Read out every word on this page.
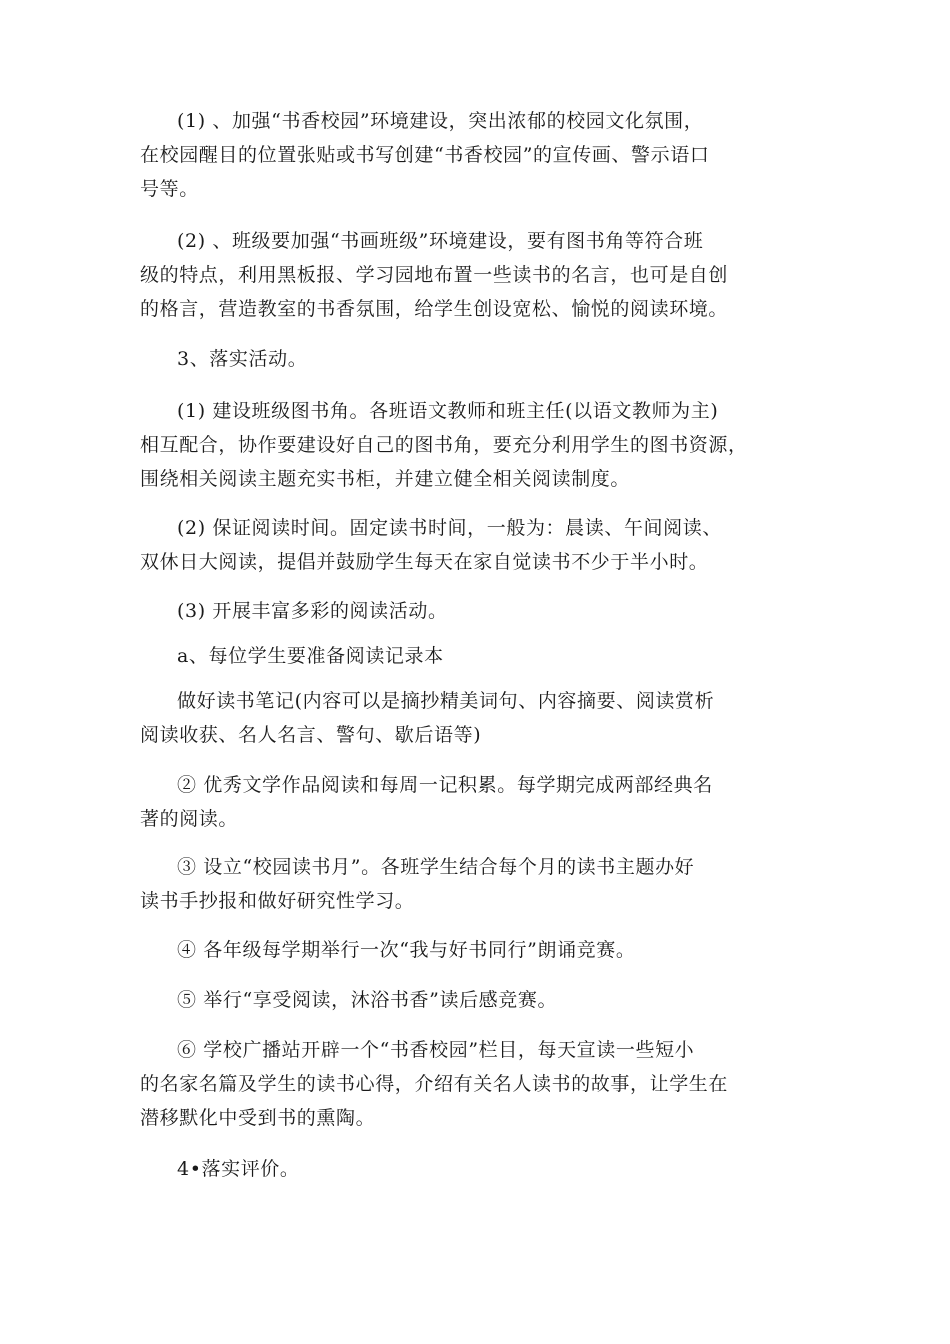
(1) 、加强“书香校园”环境建设，突出浓郁的校园文化氛围，
在校园醒目的位置张贴或书写创建“书香校园”的宣传画、警示语口
号等。
(2) 、班级要加强“书画班级”环境建设，要有图书角等符合班
级的特点，利用黑板报、学习园地布置一些读书的名言，也可是自创
的格言，营造教室的书香氛围，给学生创设宽松、愉悦的阅读环境。
3、落实活动。
(1) 建设班级图书角。各班语文教师和班主任(以语文教师为主)
相互配合，协作要建设好自己的图书角，要充分利用学生的图书资源，
围绕相关阅读主题充实书柜，并建立健全相关阅读制度。
(2) 保证阅读时间。固定读书时间，一般为：晨读、午间阅读、
双休日大阅读，提倡并鼓励学生每天在家自觉读书不少于半小时。
(3) 开展丰富多彩的阅读活动。
a、每位学生要准备阅读记录本
做好读书笔记(内容可以是摘抄精美词句、内容摘要、阅读赏析
阅读收获、名人名言、警句、歇后语等)
② 优秀文学作品阅读和每周一记积累。每学期完成两部经典名
著的阅读。
③ 设立“校园读书月”。各班学生结合每个月的读书主题办好
读书手抄报和做好研究性学习。
④ 各年级每学期举行一次“我与好书同行”朗诵竞赛。
⑤ 举行“享受阅读，沐浴书香”读后感竞赛。
⑥ 学校广播站开辟一个“书香校园”栏目，每天宣读一些短小
的名家名篇及学生的读书心得，介绍有关名人读书的故事，让学生在
潜移默化中受到书的熏陶。
4•落实评价。
